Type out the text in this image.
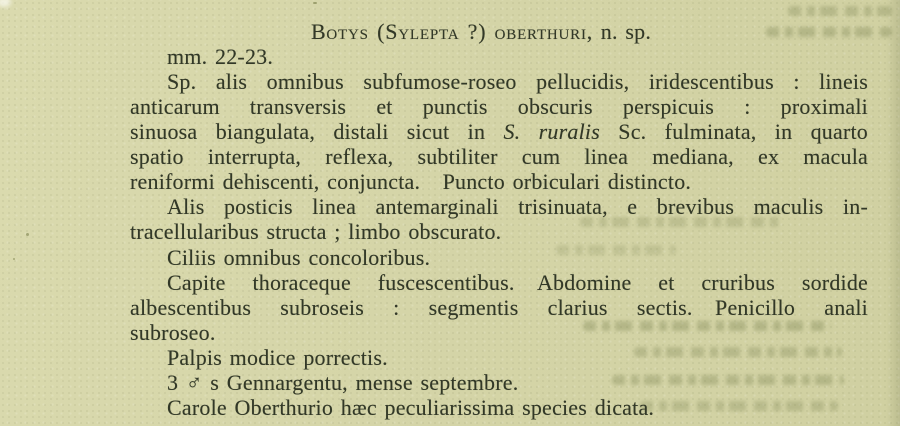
Botys (Sylepta ?) oberthuri, n. sp.
mm. 22-23.
Sp. alis omnibus subfumose-roseo pellucidis, iridescentibus : lineis
anticarum transversis et punctis obscuris perspicuis : proximali
sinuosa biangulata, distali sicut in S. ruralis Sc. fulminata, in quarto
spatio interrupta, reflexa, subtiliter cum linea mediana, ex macula
reniformi dehiscenti, conjuncta.  Puncto orbiculari distincto.
Alis posticis linea antemarginali trisinuata, e brevibus maculis in-
tracellularibus structa ; limbo obscurato.
Ciliis omnibus concoloribus.
Capite thoraceque fuscescentibus.  Abdomine et cruribus sordide
albescentibus subroseis : segmentis clarius sectis.  Penicillo anali
subroseo.
Palpis modice porrectis.
3 ♂ s Gennargentu, mense septembre.
Carole Oberthurio hæc peculiarissima species dicata.
